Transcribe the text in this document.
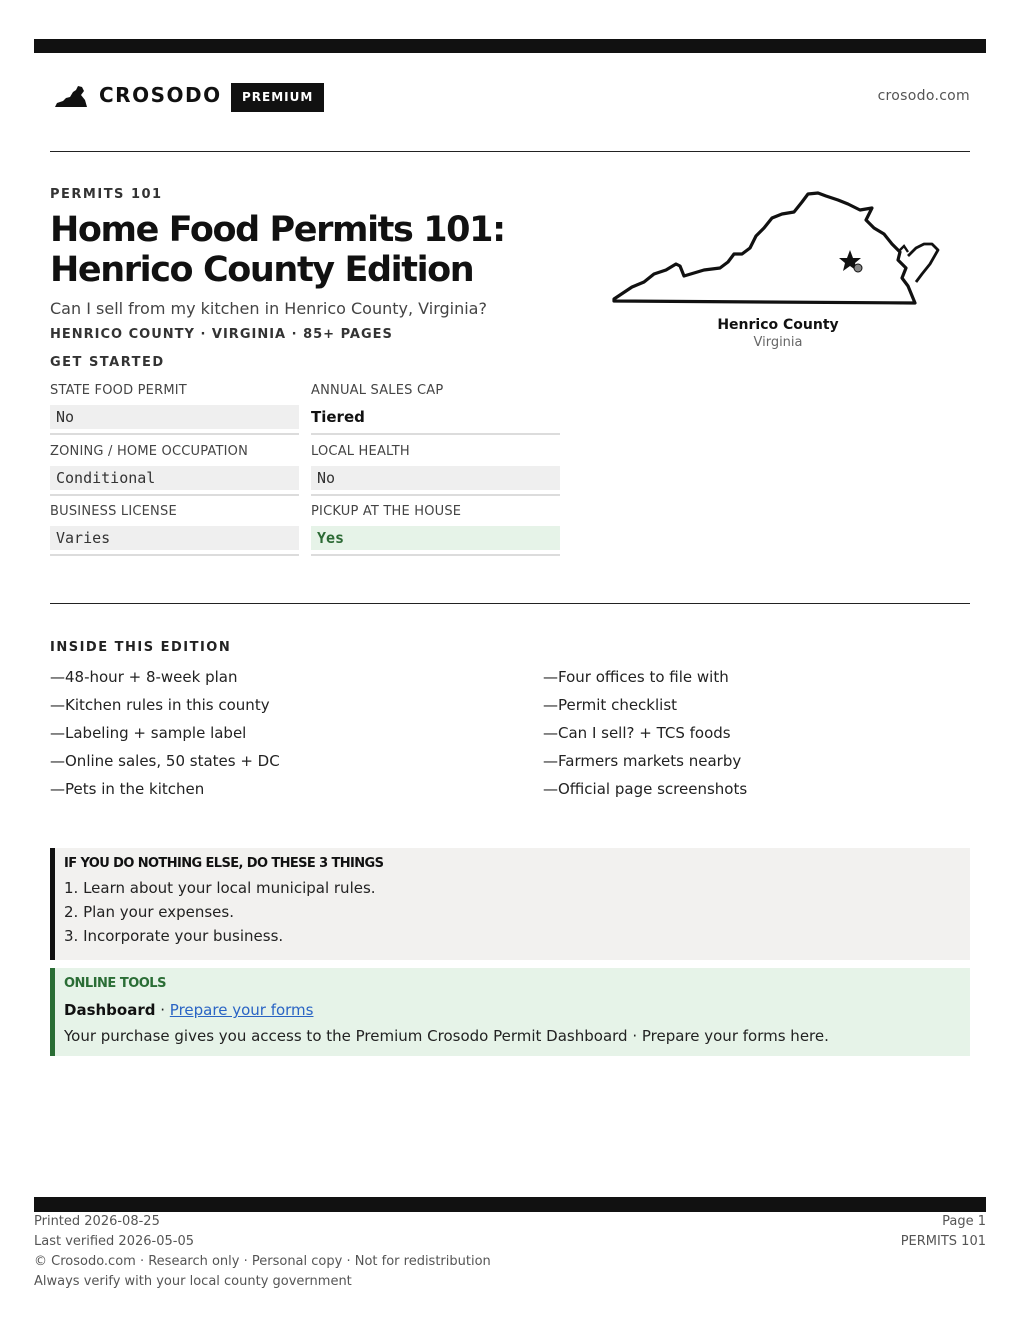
CROSODO	PREMIUM	crosodo.com
PERMITS 101
Home Food Permits 101: Henrico County Edition
Can I sell from my kitchen in Henrico County, Virginia?
HENRICO COUNTY · VIRGINIA · 85+ PAGES
GET STARTED
STATE FOOD PERMIT
No
ANNUAL SALES CAP
Tiered
ZONING / HOME OCCUPATION
Conditional
LOCAL HEALTH
No
BUSINESS LICENSE
Varies
PICKUP AT THE HOUSE
Yes
Henrico County
Virginia
INSIDE THIS EDITION
—48-hour + 8-week plan
—Kitchen rules in this county
—Labeling + sample label
—Online sales, 50 states + DC
—Pets in the kitchen
—Four offices to file with
—Permit checklist
—Can I sell? + TCS foods
—Farmers markets nearby
—Official page screenshots
IF YOU DO NOTHING ELSE, DO THESE 3 THINGS
1. Learn about your local municipal rules.
2. Plan your expenses.
3. Incorporate your business.
ONLINE TOOLS
Dashboard · Prepare your forms
Your purchase gives you access to the Premium Crosodo Permit Dashboard · Prepare your forms here.
Printed 2026-08-25
Last verified 2026-05-05
© Crosodo.com · Research only · Personal copy · Not for redistribution
Always verify with your local county government
Page 1
PERMITS 101
